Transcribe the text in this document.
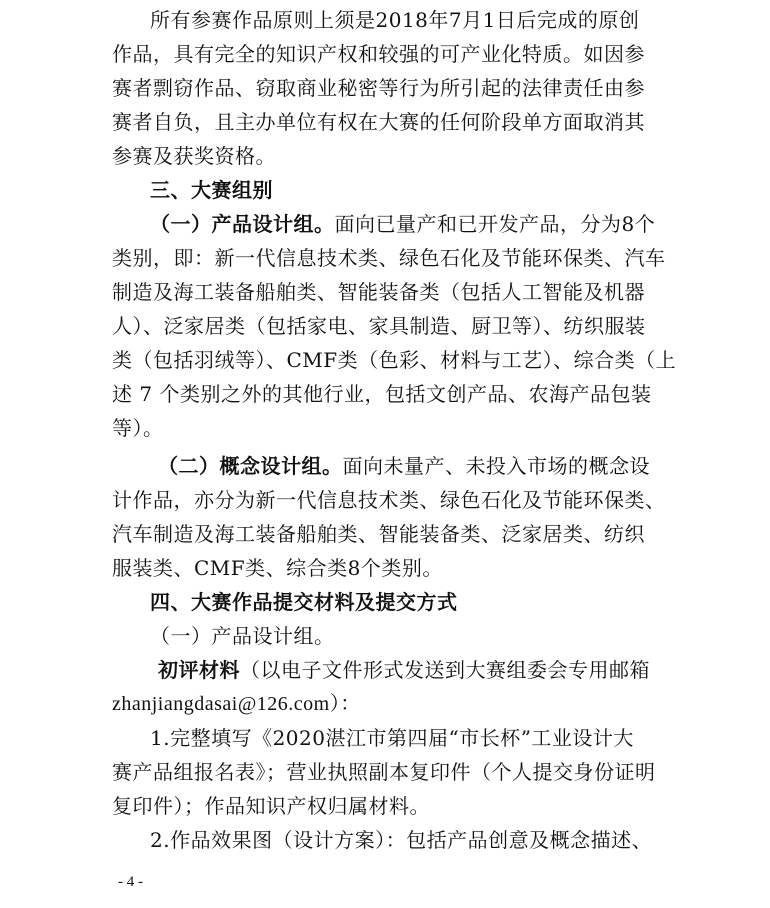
所有参赛作品原则上须是2018年7月1日后完成的原创
作品，具有完全的知识产权和较强的可产业化特质。如因参
赛者剽窃作品、窃取商业秘密等行为所引起的法律责任由参
赛者自负，且主办单位有权在大赛的任何阶段单方面取消其
参赛及获奖资格。
三、大赛组别
（一）产品设计组。面向已量产和已开发产品，分为8个
类别，即：新一代信息技术类、绿色石化及节能环保类、汽车
制造及海工装备船舶类、智能装备类（包括人工智能及机器
人）、泛家居类（包括家电、家具制造、厨卫等）、纺织服装
类（包括羽绒等）、CMF类（色彩、材料与工艺）、综合类（上
述 7 个类别之外的其他行业，包括文创产品、农海产品包装
等）。
（二）概念设计组。面向未量产、未投入市场的概念设
计作品，亦分为新一代信息技术类、绿色石化及节能环保类、
汽车制造及海工装备船舶类、智能装备类、泛家居类、纺织
服装类、CMF类、综合类8个类别。
四、大赛作品提交材料及提交方式
（一）产品设计组。
初评材料（以电子文件形式发送到大赛组委会专用邮箱
zhanjiangdasai@126.com）：
1.完整填写《2020湛江市第四届“市长杯”工业设计大
赛产品组报名表》；营业执照副本复印件（个人提交身份证明
复印件）；作品知识产权归属材料。
2.作品效果图（设计方案）：包括产品创意及概念描述、
- 4 -
